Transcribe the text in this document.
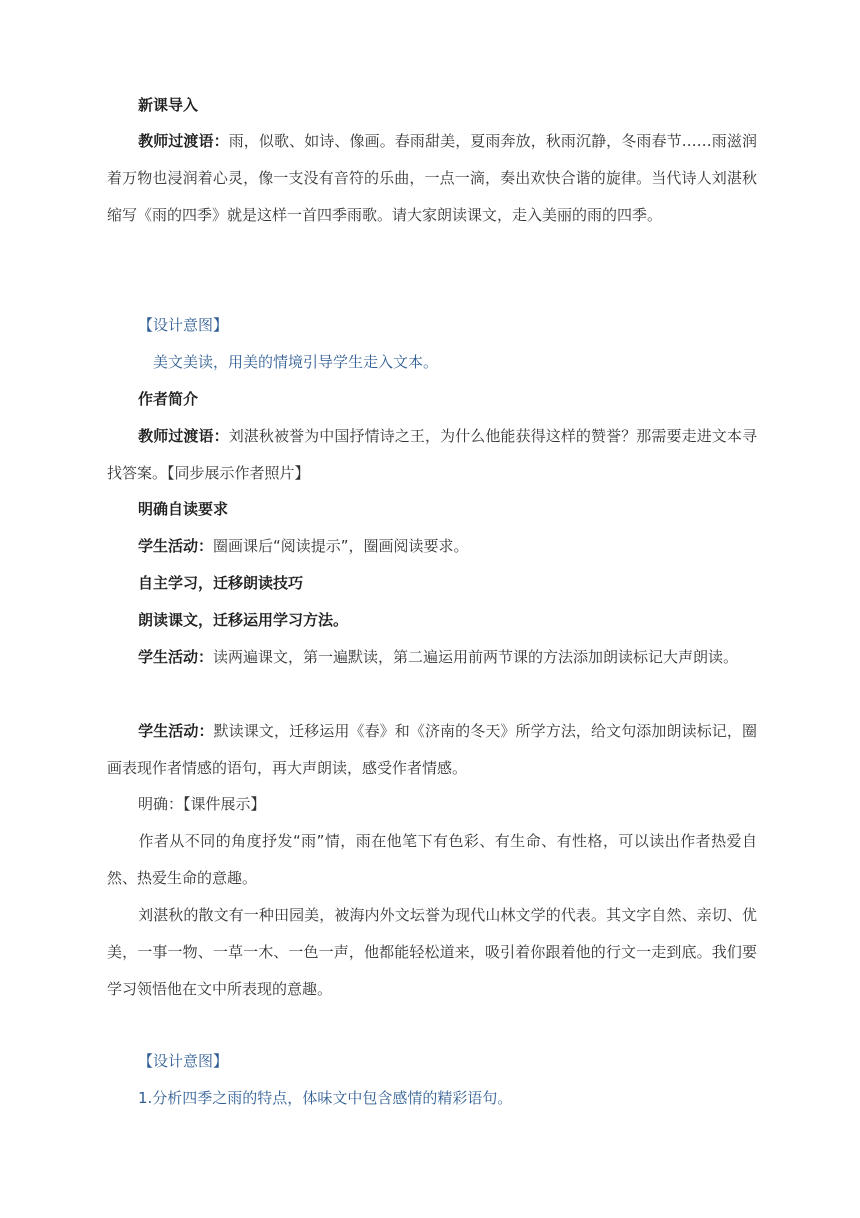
新课导入
教师过渡语：雨，似歌、如诗、像画。春雨甜美，夏雨奔放，秋雨沉静，冬雨春节……雨滋润着万物也浸润着心灵，像一支没有音符的乐曲，一点一滴，奏出欢快合谐的旋律。当代诗人刘湛秋缩写《雨的四季》就是这样一首四季雨歌。请大家朗读课文，走入美丽的雨的四季。
【设计意图】
美文美读，用美的情境引导学生走入文本。
作者简介
教师过渡语：刘湛秋被誉为中国抒情诗之王，为什么他能获得这样的赞誉？那需要走进文本寻找答案。【同步展示作者照片】
明确自读要求
学生活动：圈画课后“阅读提示”，圈画阅读要求。
自主学习，迁移朗读技巧
朗读课文，迁移运用学习方法。
学生活动：读两遍课文，第一遍默读，第二遍运用前两节课的方法添加朗读标记大声朗读。
学生活动：默读课文，迁移运用《春》和《济南的冬天》所学方法，给文句添加朗读标记，圈画表现作者情感的语句，再大声朗读，感受作者情感。
明确：【课件展示】
作者从不同的角度抒发“雨”情，雨在他笔下有色彩、有生命、有性格，可以读出作者热爱自然、热爱生命的意趣。
刘湛秋的散文有一种田园美，被海内外文坛誉为现代山林文学的代表。其文字自然、亲切、优美，一事一物、一草一木、一色一声，他都能轻松道来，吸引着你跟着他的行文一走到底。我们要学习领悟他在文中所表现的意趣。
【设计意图】
1.分析四季之雨的特点，体味文中包含感情的精彩语句。
